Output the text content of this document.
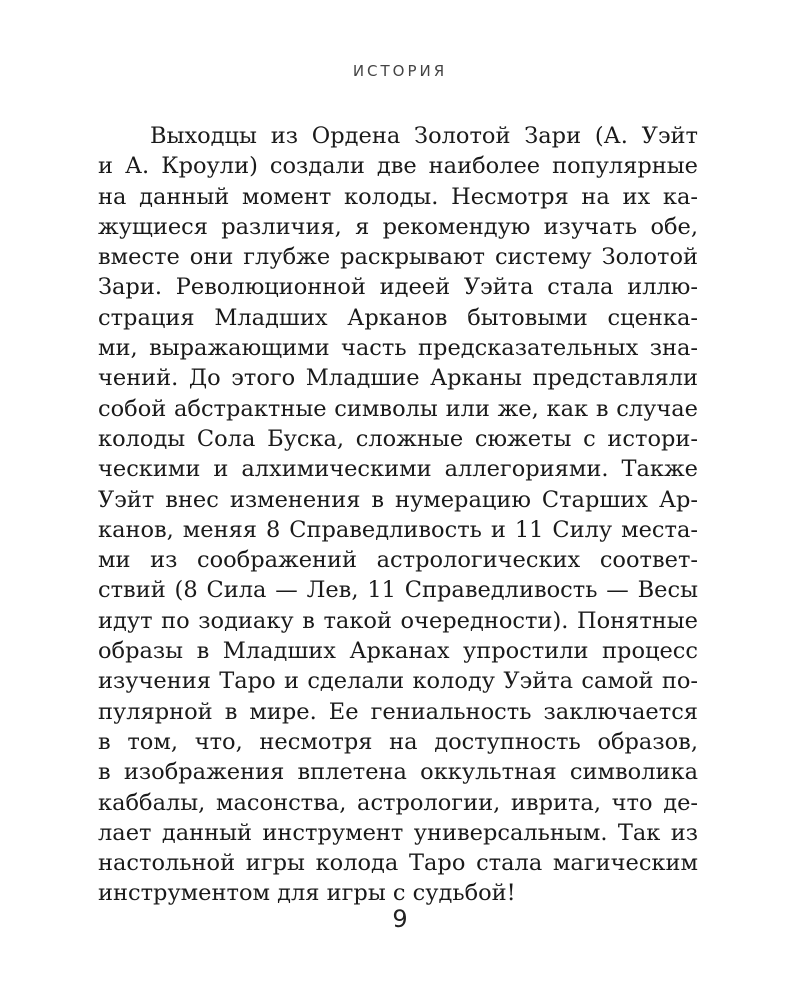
ИСТОРИЯ
Выходцы из Ордена Золотой Зари (А. Уэйт
и А. Кроули) создали две наиболее популярные
на данный момент колоды. Несмотря на их ка-
жущиеся различия, я рекомендую изучать обе,
вместе они глубже раскрывают систему Золотой
Зари. Революционной идеей Уэйта стала иллю-
страция Младших Арканов бытовыми сценка-
ми, выражающими часть предсказательных зна-
чений. До этого Младшие Арканы представляли
собой абстрактные символы или же, как в случае
колоды Сола Буска, сложные сюжеты с истори-
ческими и алхимическими аллегориями. Также
Уэйт внес изменения в нумерацию Старших Ар-
канов, меняя 8 Справедливость и 11 Силу места-
ми из соображений астрологических соответ-
ствий (8 Сила — Лев, 11 Справедливость — Весы
идут по зодиаку в такой очередности). Понятные
образы в Младших Арканах упростили процесс
изучения Таро и сделали колоду Уэйта самой по-
пулярной в мире. Ее гениальность заключается
в том, что, несмотря на доступность образов,
в изображения вплетена оккультная символика
каббалы, масонства, астрологии, иврита, что де-
лает данный инструмент универсальным. Так из
настольной игры колода Таро стала магическим
инструментом для игры с судьбой!
9
